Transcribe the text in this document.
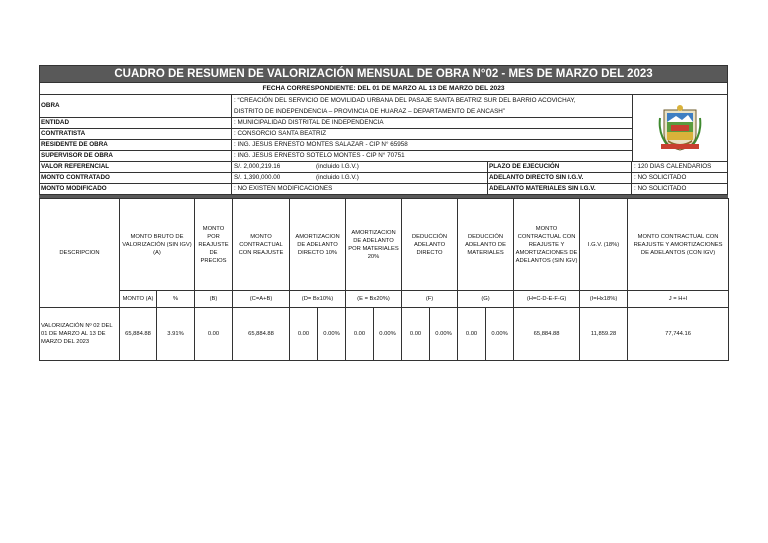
CUADRO DE RESUMEN DE VALORIZACIÓN MENSUAL DE OBRA N°02 - MES DE MARZO DEL 2023
FECHA CORRESPONDIENTE: DEL 01 DE MARZO AL 13 DE MARZO DEL 2023
OBRA
: “CREACIÓN DEL SERVICIO DE MOVILIDAD URBANA DEL PASAJE SANTA BEATRIZ SUR DEL BARRIO ACOVICHAY,
DISTRITO DE INDEPENDENCIA – PROVINCIA DE HUARAZ – DEPARTAMENTO DE ANCASH”
ENTIDAD	: MUNICIPALIDAD DISTRITAL DE INDEPENDENCIA
CONTRATISTA	: CONSORCIO SANTA BEATRIZ
RESIDENTE DE OBRA	: ING. JESUS ERNESTO MONTES SALAZAR - CIP N° 65958
SUPERVISOR DE OBRA	: ING. JESUS ERNESTO SOTELO MONTES - CIP N° 70751
VALOR REFERENCIAL	S/. 2,000,219.16	(incluido I.G.V.)	PLAZO DE EJECUCIÓN	: 120 DIAS CALENDARIOS
MONTO CONTRATADO	S/. 1,390,000.00	(incluido I.G.V.)	ADELANTO DIRECTO SIN I.G.V.	: NO SOLICITADO
MONTO MODIFICADO	: NO EXISTEN MODIFICACIONES	ADELANTO MATERIALES SIN I.G.V.	: NO SOLICITADO
DESCRIPCION	MONTO BRUTO DE VALORIZACIÓN (SIN IGV) (A)		MONTO POR REAJUSTE DE PRECIOS	MONTO CONTRACTUAL CON REAJUSTE	AMORTIZACION DE ADELANTO DIRECTO 10%		AMORTIZACION DE ADELANTO POR MATERIALES 20%		DEDUCCIÓN ADELANTO DIRECTO		DEDUCCIÓN ADELANTO DE MATERIALES		MONTO CONTRACTUAL CON REAJUSTE Y AMORTIZACIONES DE ADELANTOS (SIN IGV)	I.G.V. (18%)	MONTO CONTRACTUAL CON REAJUSTE Y AMORTIZACIONES DE ADELANTOS (CON IGV)
	MONTO (A)	%	(B)	(C=A+B)	(D= Bx10%)		(E = Bx20%)		(F)		(G)		(H=C-D-E-F-G)	(I=Hx18%)	J = H+I
VALORIZACIÓN Nº 02 DEL 01 DE MARZO AL 13 DE MARZO DEL 2023	65,884.88	3.91%	0.00	65,884.88	0.00	0.00%	0.00	0.00%	0.00	0.00%	0.00	0.00%	65,884.88	11,859.28	77,744.16
